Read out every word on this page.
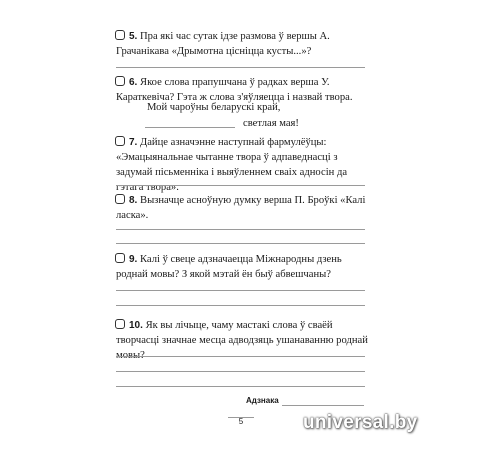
5. Пра які час сутак ідзе размова ў вершы А. Грачанікава «Дрымотна цісніцца кусты...»?
6. Якое слова прапушчана ў радках верша У. Караткевіча? Гэта ж слова з'яўляецца і назвай твора.
Мой чароўны беларускі край,
светлая мая!
7. Дайце азначэнне наступнай фармулёўцы: «Эмацыянальнае чытанне твора ў адпаведнасці з задумай пісьменніка і выяўленнем сваіх адносін да гэтага твора».
8. Вызначце асноўную думку верша П. Броўкі «Калі ласка».
9. Калі ў свеце адзначаецца Міжнародны дзень роднай мовы? З якой мэтай ён быў абвешчаны?
10. Як вы лічыце, чаму мастакі слова ў сваёй творчасці значнае месца адводзяць ушанаванню роднай мовы?
Адзнака
5	universal.by
